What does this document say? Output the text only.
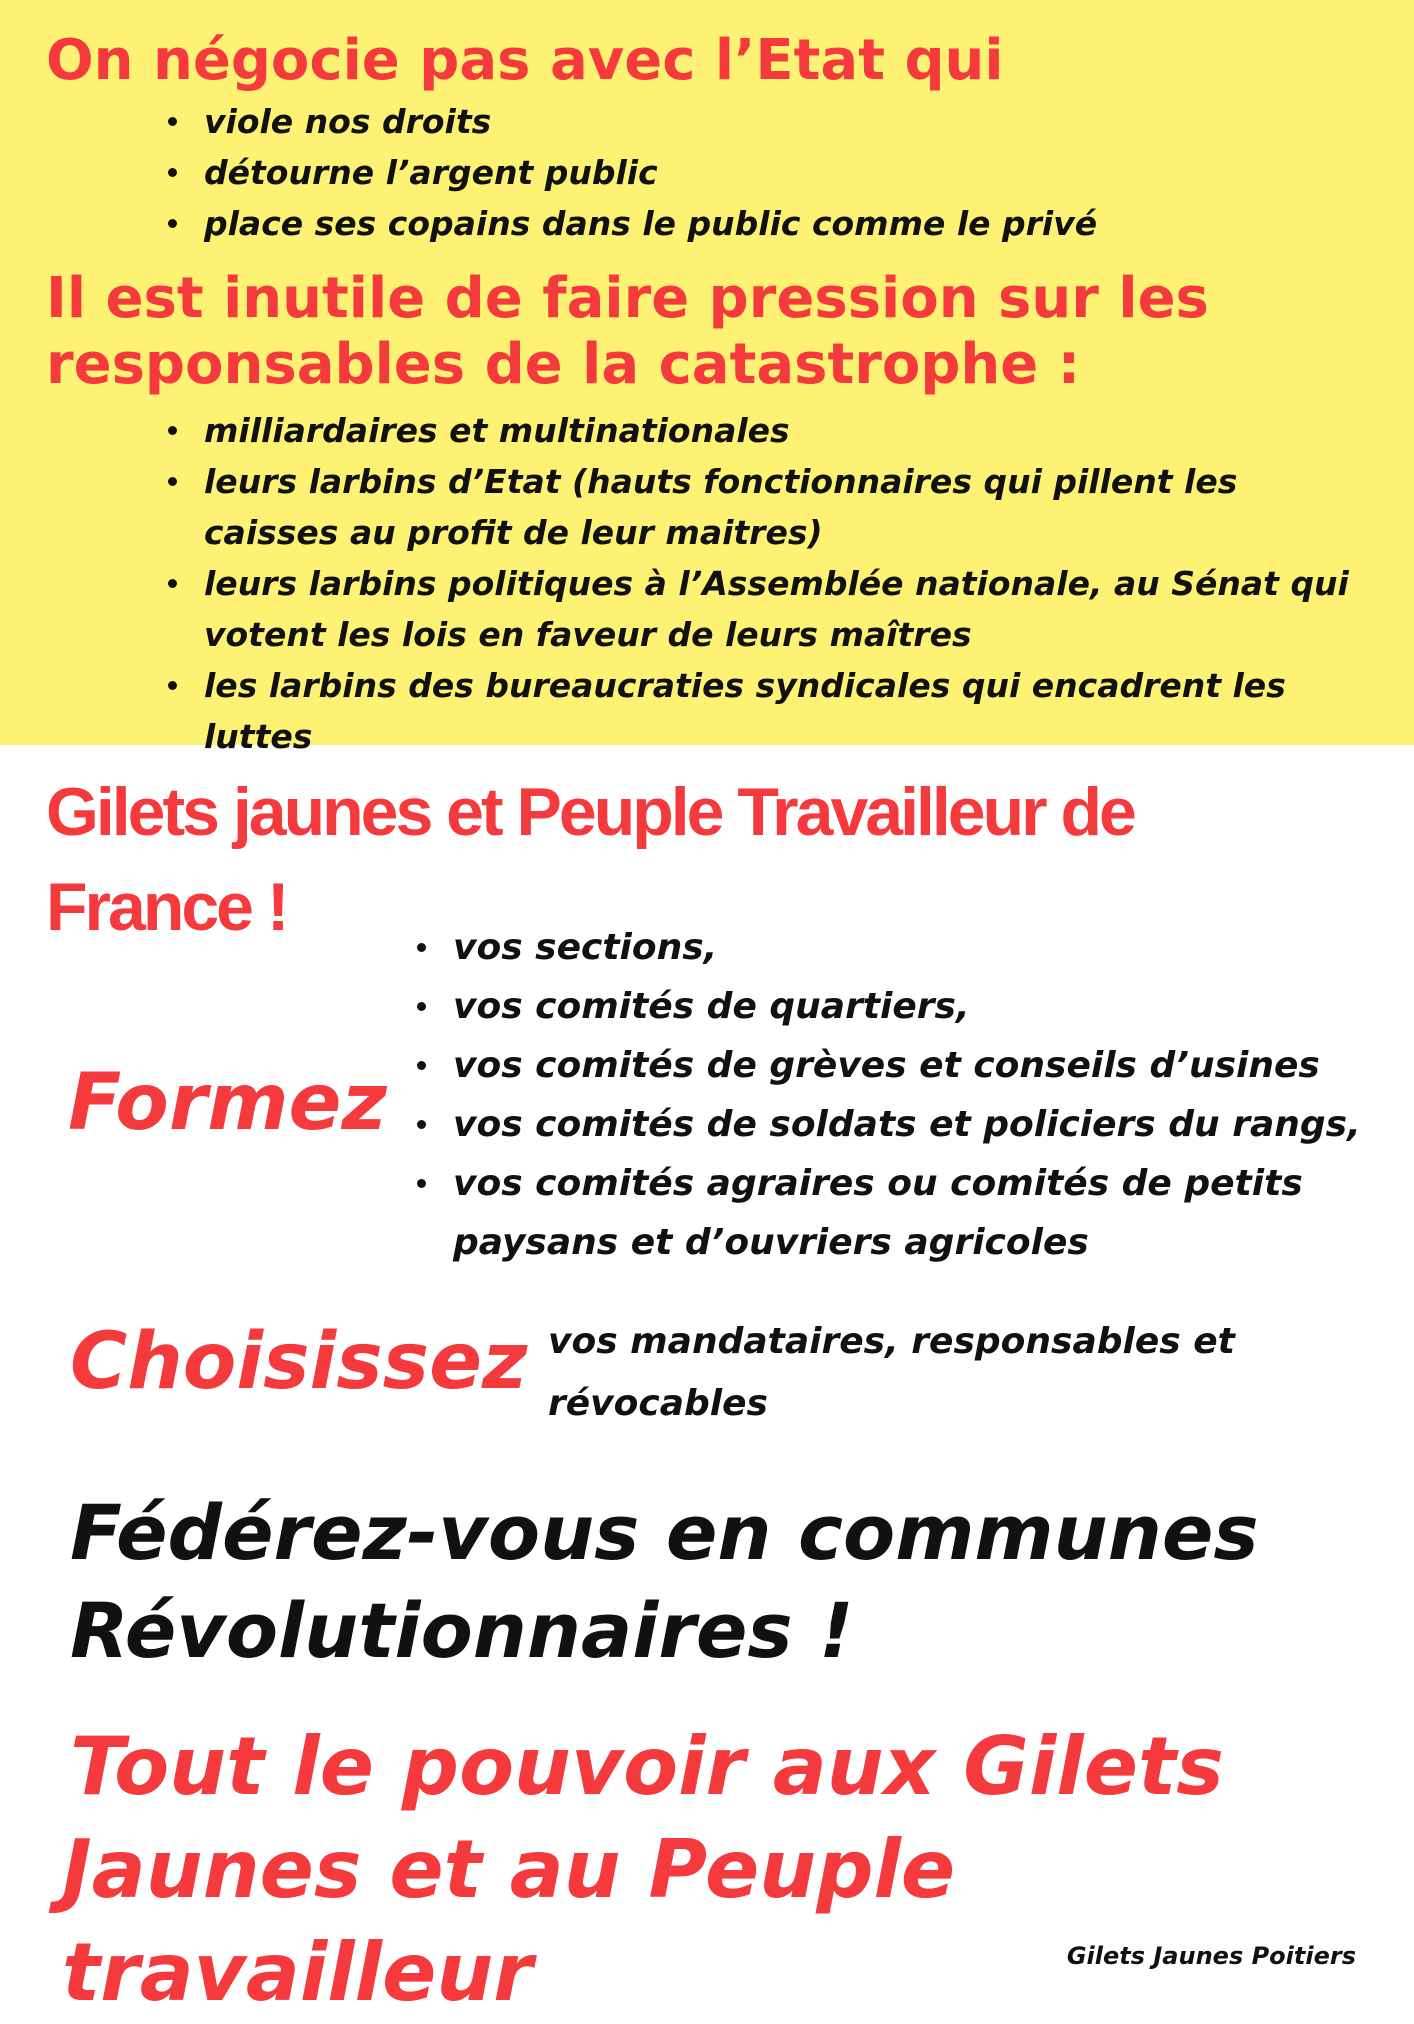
On négocie pas avec l’Etat qui
viole nos droits
détourne l’argent public
place ses copains dans le public comme le privé
Il est inutile de faire pression sur les
responsables de la catastrophe :
milliardaires et multinationales
leurs larbins d’Etat (hauts fonctionnaires qui pillent les caisses au profit de leur maitres)
leurs larbins politiques à l’Assemblée nationale, au Sénat qui votent les lois en faveur de leurs maîtres
les larbins des bureaucraties syndicales qui encadrent les luttes
Gilets jaunes et Peuple Travailleur de
France !
Formez
vos sections,
vos comités de quartiers,
vos comités de grèves et conseils d’usines
vos comités de soldats et policiers du rangs,
vos comités agraires ou comités de petits paysans et d’ouvriers agricoles
Choisissez vos mandataires, responsables et
révocables
Fédérez-vous en communes
Révolutionnaires !
Tout le pouvoir aux Gilets
Jaunes et au Peuple travailleur	Gilets Jaunes Poitiers
